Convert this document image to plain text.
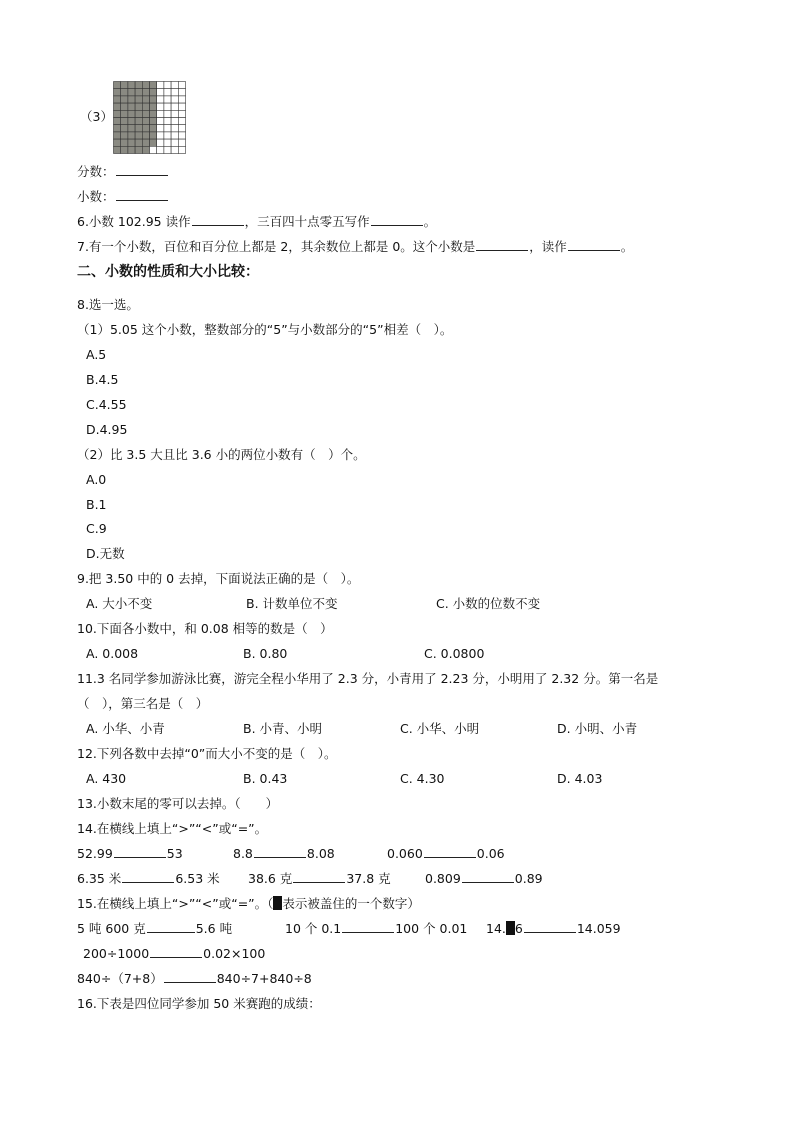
（3）
分数：
小数：
6.小数 102.95 读作	，三百四十点零五写作	。
7.有一个小数，百位和百分位上都是 2，其余数位上都是 0。这个小数是	，读作	。
二、小数的性质和大小比较：
8.选一选。
（1）5.05 这个小数，整数部分的“5”与小数部分的“5”相差（　）。
A.5
B.4.5
C.4.55
D.4.95
（2）比 3.5 大且比 3.6 小的两位小数有（　）个。
A.0
B.1
C.9
D.无数
9.把 3.50 中的 0 去掉，下面说法正确的是（　）。
A. 大小不变	B. 计数单位不变	C. 小数的位数不变
10.下面各小数中，和 0.08 相等的数是（　）
A. 0.008	B. 0.80	C. 0.0800
11.3 名同学参加游泳比赛，游完全程小华用了 2.3 分，小青用了 2.23 分，小明用了 2.32 分。第一名是
（　），第三名是（　）
A. 小华、小青	B. 小青、小明	C. 小华、小明	D. 小明、小青
12.下列各数中去掉“0”而大小不变的是（　）。
A. 430	B. 0.43	C. 4.30	D. 4.03
13.小数末尾的零可以去掉。（　　）
14.在横线上填上“>”“<”或“=”。
52.99	53	8.8	8.08	0.060	0.06
6.35 米	6.53 米 38.6 克	37.8 克	0.809	0.89
15.在横线上填上“>”“<”或“=”。（ 表示被盖住的一个数字）
5 吨 600 克	5.6 吨	10 个 0.1	100 个 0.01 14. 6	14.059
200÷1000	0.02×100
840÷（7+8）	840÷7+840÷8
16.下表是四位同学参加 50 米赛跑的成绩：
